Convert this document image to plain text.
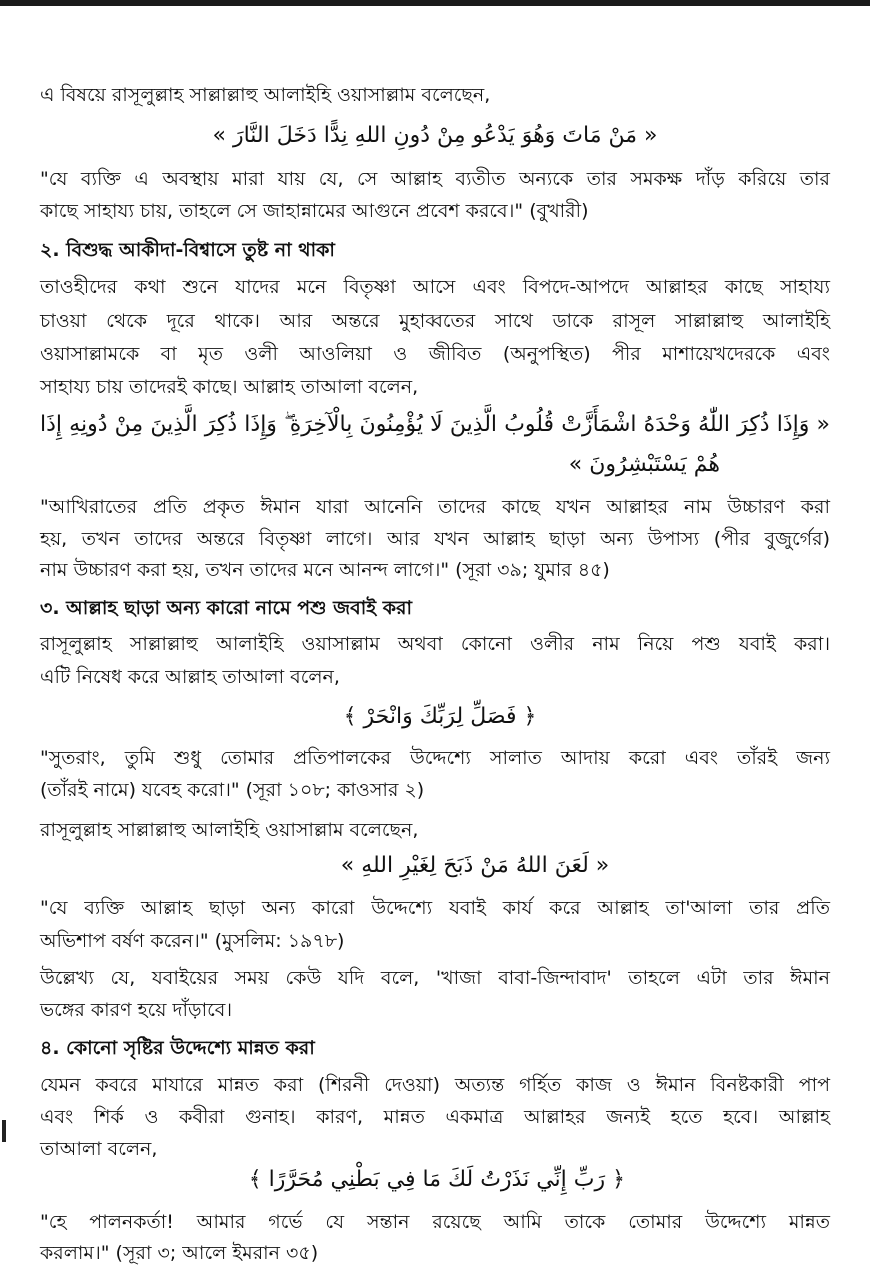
এ বিষয়ে রাসূলুল্লাহ সাল্লাল্লাহু আলাইহি ওয়াসাল্লাম বলেছেন,
« مَنْ مَاتَ وَهُوَ يَدْعُو مِنْ دُونِ اللهِ نِدًّا دَخَلَ النَّارَ »
"যে ব্যক্তি এ অবস্থায় মারা যায় যে, সে আল্লাহ ব্যতীত অন্যকে তার সমকক্ষ দাঁড় করিয়ে তার
কাছে সাহায্য চায়, তাহলে সে জাহান্নামের আগুনে প্রবেশ করবে।" (বুখারী)
২. বিশুদ্ধ আকীদা-বিশ্বাসে তুষ্ট না থাকা
তাওহীদের কথা শুনে যাদের মনে বিতৃষ্ণা আসে এবং বিপদে-আপদে আল্লাহর কাছে সাহায্য
চাওয়া থেকে দূরে থাকে। আর অন্তরে মুহাব্বতের সাথে ডাকে রাসূল সাল্লাল্লাহু আলাইহি
ওয়াসাল্লামকে বা মৃত ওলী আওলিয়া ও জীবিত (অনুপস্থিত) পীর মাশায়েখদেরকে এবং
সাহায্য চায় তাদেরই কাছে। আল্লাহ তাআলা বলেন,
« وَإِذَا ذُكِرَ اللّٰهُ وَحْدَهُ اشْمَأَزَّتْ قُلُوبُ الَّذِينَ لَا يُؤْمِنُونَ بِالْآخِرَةِ ۖ وَإِذَا ذُكِرَ الَّذِينَ مِنْ دُونِهِ إِذَا
هُمْ يَسْتَبْشِرُونَ »
"আখিরাতের প্রতি প্রকৃত ঈমান যারা আনেনি তাদের কাছে যখন আল্লাহর নাম উচ্চারণ করা
হয়, তখন তাদের অন্তরে বিতৃষ্ণা লাগে। আর যখন আল্লাহ ছাড়া অন্য উপাস্য (পীর বুজুর্গের)
নাম উচ্চারণ করা হয়, তখন তাদের মনে আনন্দ লাগে।" (সূরা ৩৯; যুমার ৪৫)
৩. আল্লাহ ছাড়া অন্য কারো নামে পশু জবাই করা
রাসূলুল্লাহ সাল্লাল্লাহু আলাইহি ওয়াসাল্লাম অথবা কোনো ওলীর নাম নিয়ে পশু যবাই করা।
এটি নিষেধ করে আল্লাহ তাআলা বলেন,
﴿ فَصَلِّ لِرَبِّكَ وَانْحَرْ ﴾
"সুতরাং, তুমি শুধু তোমার প্রতিপালকের উদ্দেশ্যে সালাত আদায় করো এবং তাঁরই জন্য
(তাঁরই নামে) যবেহ করো।" (সূরা ১০৮; কাওসার ২)
রাসূলুল্লাহ সাল্লাল্লাহু আলাইহি ওয়াসাল্লাম বলেছেন,
« لَعَنَ اللهُ مَنْ ذَبَحَ لِغَيْرِ اللهِ »
"যে ব্যক্তি আল্লাহ ছাড়া অন্য কারো উদ্দেশ্যে যবাই কার্য করে আল্লাহ তা'আলা তার প্রতি
অভিশাপ বর্ষণ করেন।" (মুসলিম: ১৯৭৮)
উল্লেখ্য যে, যবাইয়ের সময় কেউ যদি বলে, 'খাজা বাবা-জিন্দাবাদ' তাহলে এটা তার ঈমান
ভঙ্গের কারণ হয়ে দাঁড়াবে।
৪. কোনো সৃষ্টির উদ্দেশ্যে মান্নত করা
যেমন কবরে মাযারে মান্নত করা (শিরনী দেওয়া) অত্যন্ত গর্হিত কাজ ও ঈমান বিনষ্টকারী পাপ
এবং শির্ক ও কবীরা গুনাহ। কারণ, মান্নত একমাত্র আল্লাহর জন্যই হতে হবে। আল্লাহ
তাআলা বলেন,
﴿ رَبِّ إِنِّي نَذَرْتُ لَكَ مَا فِي بَطْنِي مُحَرَّرًا ﴾
"হে পালনকর্তা! আমার গর্ভে যে সন্তান রয়েছে আমি তাকে তোমার উদ্দেশ্যে মান্নত
করলাম।" (সূরা ৩; আলে ইমরান ৩৫)
